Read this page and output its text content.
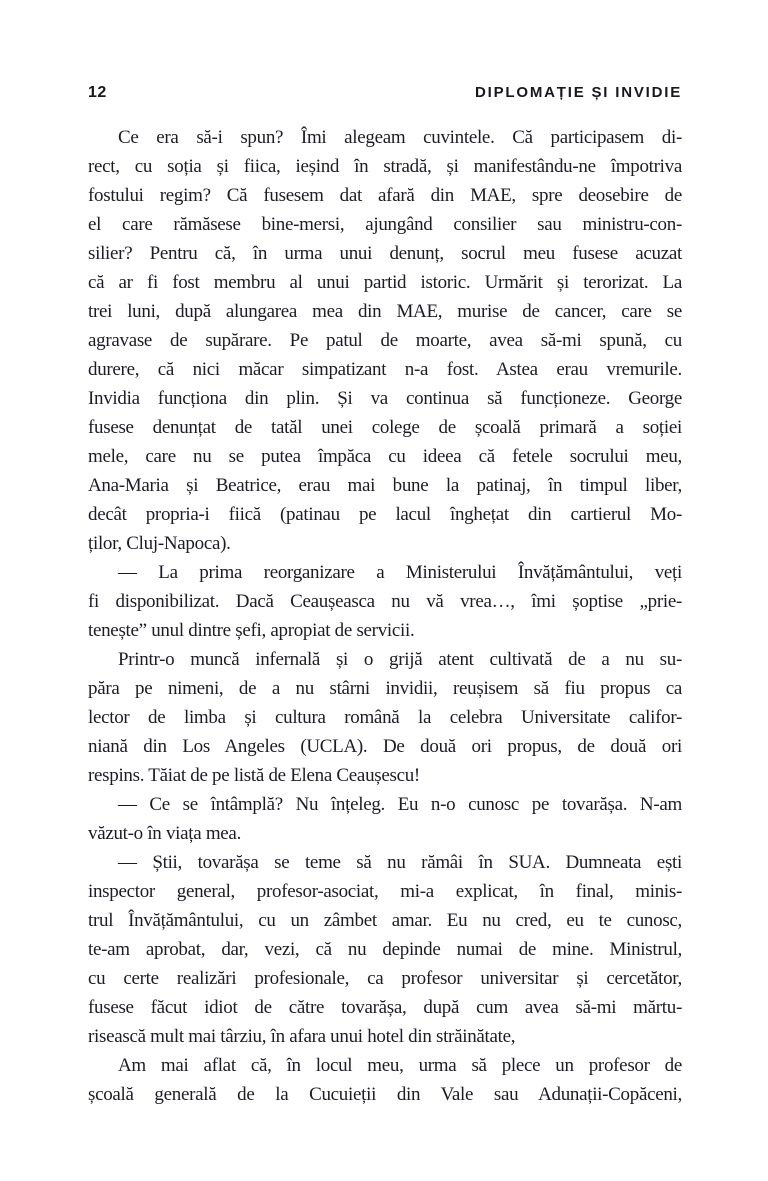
12	DIPLOMAȚIE ȘI INVIDIE
Ce era să-i spun? Îmi alegeam cuvintele. Că participasem di-
rect, cu soția și fiica, ieșind în stradă, și manifestându-ne împotriva
fostului regim? Că fusesem dat afară din MAE, spre deosebire de
el care rămăsese bine-mersi, ajungând consilier sau ministru-con-
silier? Pentru că, în urma unui denunț, socrul meu fusese acuzat
că ar fi fost membru al unui partid istoric. Urmărit și terorizat. La
trei luni, după alungarea mea din MAE, murise de cancer, care se
agravase de supărare. Pe patul de moarte, avea să-mi spună, cu
durere, că nici măcar simpatizant n-a fost. Astea erau vremurile.
Invidia funcționa din plin. Și va continua să funcționeze. George
fusese denunțat de tatăl unei colege de școală primară a soției
mele, care nu se putea împăca cu ideea că fetele socrului meu,
Ana-Maria și Beatrice, erau mai bune la patinaj, în timpul liber,
decât propria-i fiică (patinau pe lacul înghețat din cartierul Mo-
ților, Cluj-Napoca).
— La prima reorganizare a Ministerului Învățământului, veți
fi disponibilizat. Dacă Ceaușeasca nu vă vrea…, îmi șoptise „prie-
tenește” unul dintre șefi, apropiat de servicii.
Printr-o muncă infernală și o grijă atent cultivată de a nu su-
păra pe nimeni, de a nu stârni invidii, reușisem să fiu propus ca
lector de limba și cultura română la celebra Universitate califor-
niană din Los Angeles (UCLA). De două ori propus, de două ori
respins. Tăiat de pe listă de Elena Ceaușescu!
— Ce se întâmplă? Nu înțeleg. Eu n-o cunosc pe tovarășa. N-am
văzut-o în viața mea.
— Știi, tovarășa se teme să nu rămâi în SUA. Dumneata ești
inspector general, profesor-asociat, mi-a explicat, în final, minis-
trul Învățământului, cu un zâmbet amar. Eu nu cred, eu te cunosc,
te-am aprobat, dar, vezi, că nu depinde numai de mine. Ministrul,
cu certe realizări profesionale, ca profesor universitar și cercetător,
fusese făcut idiot de către tovarășa, după cum avea să-mi mărtu-
risească mult mai târziu, în afara unui hotel din străinătate,
Am mai aflat că, în locul meu, urma să plece un profesor de
școală generală de la Cucuieții din Vale sau Adunații-Copăceni,
